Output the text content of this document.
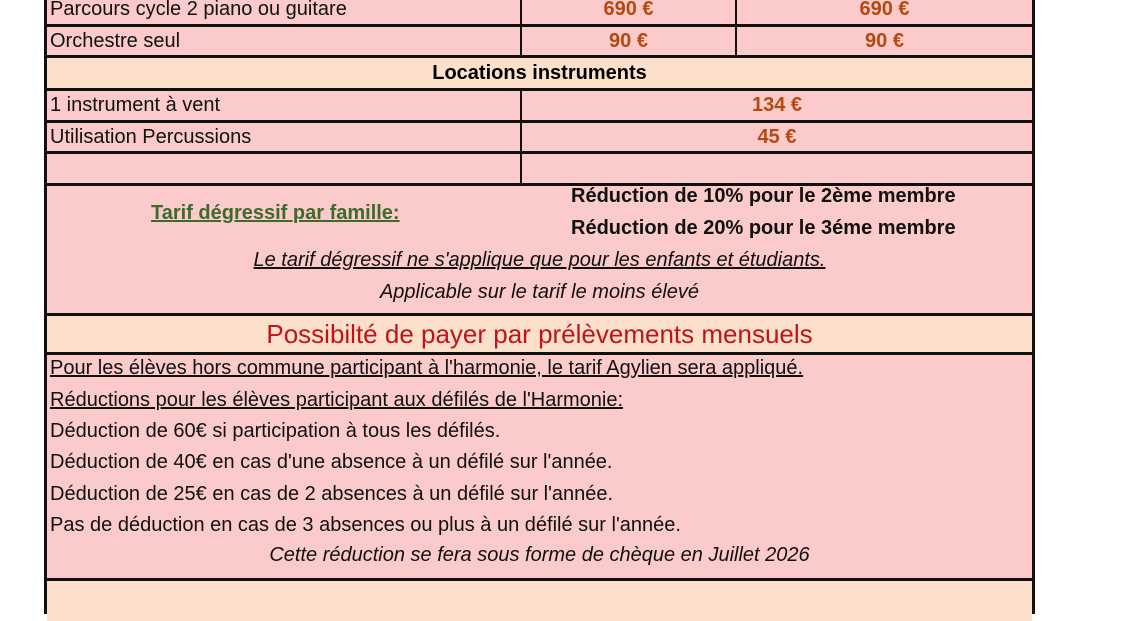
Parcours cycle 2 piano ou guitare	690 €	690 €
Orchestre seul	90 €	90 €
Locations instruments
1 instrument à vent	134 €
Utilisation Percussions	45 €
Tarif dégressif par famille:
Réduction de 10% pour le 2ème membre
Réduction de 20% pour le 3éme membre
Le tarif dégressif ne s'applique que pour les enfants et étudiants.
Applicable sur le tarif le moins élevé
Possibilté de payer par prélèvements mensuels
Pour les élèves hors commune participant à l'harmonie, le tarif Agylien sera appliqué.
Réductions pour les élèves participant aux défilés de l'Harmonie:
Déduction de 60€ si participation à tous les défilés.
Déduction de 40€ en cas d'une absence à un défilé sur l'année.
Déduction de 25€ en cas de 2 absences à un défilé sur l'année.
Pas de déduction en cas de 3 absences ou plus à un défilé sur l'année.
Cette réduction se fera sous forme de chèque en Juillet 2026
